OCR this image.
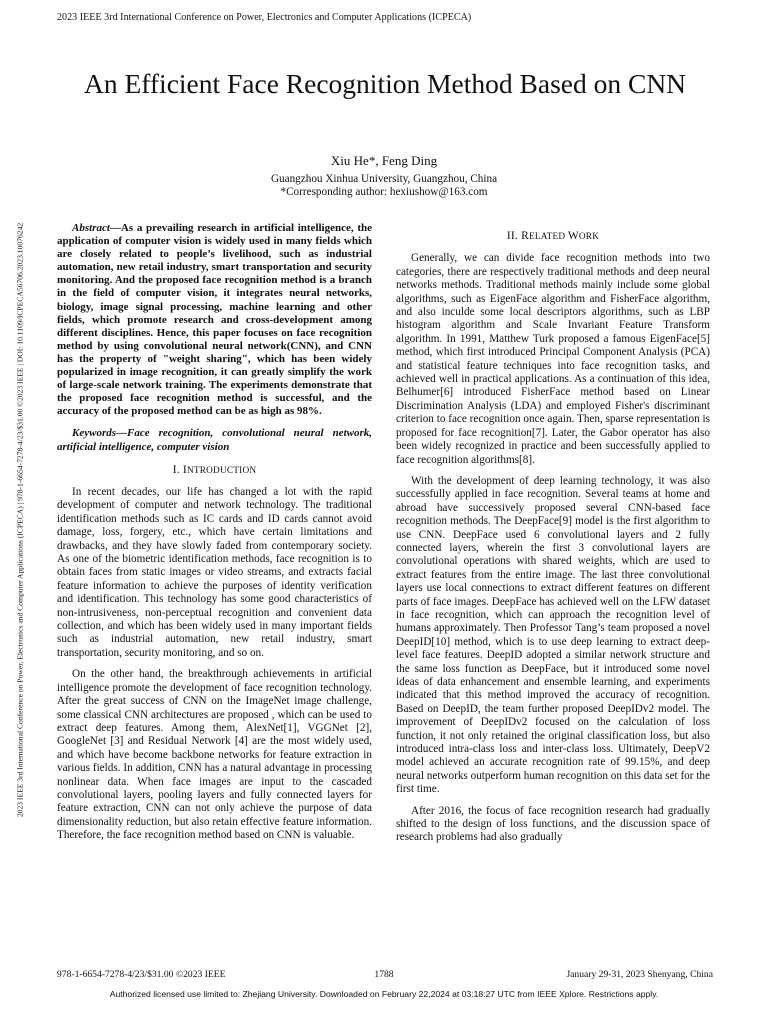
2023 IEEE 3rd International Conference on Power, Electronics and Computer Applications (ICPECA)
2023 IEEE 3rd International Conference on Power, Electronics and Computer Applications (ICPECA) | 978-1-6654-7278-4/23/$31.00 ©2023 IEEE | DOI: 10.1109/ICPECA56706.2023.10076242
An Efficient Face Recognition Method Based on CNN
Xiu He*, Feng Ding
Guangzhou Xinhua University, Guangzhou, China
*Corresponding author: hexiushow@163.com

Abstract—As a prevailing research in artificial intelligence, the application of computer vision is widely used in many fields which are closely related to people’s livelihood, such as industrial automation, new retail industry, smart transportation and security monitoring. And the proposed face recognition method is a branch in the field of computer vision, it integrates neural networks, biology, image signal processing, machine learning and other fields, which promote research and cross-development among different disciplines. Hence, this paper focuses on face recognition method by using convolutional neural network(CNN), and CNN has the property of "weight sharing", which has been widely popularized in image recognition, it can greatly simplify the work of large-scale network training. The experiments demonstrate that the proposed face recognition method is successful, and the accuracy of the proposed method can be as high as 98%.

Keywords—Face recognition, convolutional neural network, artificial intelligence, computer vision

I. INTRODUCTION

In recent decades, our life has changed a lot with the rapid development of computer and network technology. The traditional identification methods such as IC cards and ID cards cannot avoid damage, loss, forgery, etc., which have certain limitations and drawbacks, and they have slowly faded from contemporary society. As one of the biometric identification methods, face recognition is to obtain faces from static images or video streams, and extracts facial feature information to achieve the purposes of identity verification and identification. This technology has some good characteristics of non-intrusiveness, non-perceptual recognition and convenient data collection, and which has been widely used in many important fields such as industrial automation, new retail industry, smart transportation, security monitoring, and so on.

On the other hand, the breakthrough achievements in artificial intelligence promote the development of face recognition technology. After the great success of CNN on the ImageNet image challenge, some classical CNN architectures are proposed , which can be used to extract deep features. Among them, AlexNet[1], VGGNet [2], GoogleNet [3] and Residual Network [4] are the most widely used, and which have become backbone networks for feature extraction in various fields. In addition, CNN has a natural advantage in processing nonlinear data. When face images are input to the cascaded convolutional layers, pooling layers and fully connected layers for feature extraction, CNN can not only achieve the purpose of data dimensionality reduction, but also retain effective feature information. Therefore, the face recognition method based on CNN is valuable.

II. RELATED WORK

Generally, we can divide face recognition methods into two categories, there are respectively traditional methods and deep neural networks methods. Traditional methods mainly include some global algorithms, such as EigenFace algorithm and FisherFace algorithm, and also inculde some local descriptors algorithms, such as LBP histogram algorithm and Scale Invariant Feature Transform algorithm. In 1991, Matthew Turk proposed a famous EigenFace[5] method, which first introduced Principal Component Analysis (PCA) and statistical feature techniques into face recognition tasks, and achieved well in practical applications. As a continuation of this idea, Belhumer[6] introduced FisherFace method based on Linear Discrimination Analysis (LDA) and employed Fisher's discriminant criterion to face recognition once again. Then, sparse representation is proposed for face recognition[7]. Later, the Gabor operator has also been widely recognized in practice and been successfully applied to face recognition algorithms[8].

With the development of deep learning technology, it was also successfully applied in face recognition. Several teams at home and abroad have successively proposed several CNN-based face recognition methods. The DeepFace[9] model is the first algorithm to use CNN. DeepFace used 6 convolutional layers and 2 fully connected layers, wherein the first 3 convolutional layers are convolutional operations with shared weights, which are used to extract features from the entire image. The last three convolutional layers use local connections to extract different features on different parts of face images. DeepFace has achieved well on the LFW dataset in face recognition, which can approach the recognition level of humans approximately. Then Professor Tang’s team proposed a novel DeepID[10] method, which is to use deep learning to extract deep-level face features. DeepID adopted a similar network structure and the same loss function as DeepFace, but it introduced some novel ideas of data enhancement and ensemble learning, and experiments indicated that this method improved the accuracy of recognition. Based on DeepID, the team further proposed DeepIDv2 model. The improvement of DeepIDv2 focused on the calculation of loss function, it not only retained the original classification loss, but also introduced intra-class loss and inter-class loss. Ultimately, DeepV2 model achieved an accurate recognition rate of 99.15%, and deep neural networks outperform human recognition on this data set for the first time.

After 2016, the focus of face recognition research had gradually shifted to the design of loss functions, and the discussion space of research problems had also gradually

978-1-6654-7278-4/23/$31.00 ©2023 IEEE	1788	January 29-31, 2023 Shenyang, China
Authorized licensed use limited to: Zhejiang University. Downloaded on February 22,2024 at 03:18:27 UTC from IEEE Xplore. Restrictions apply.
